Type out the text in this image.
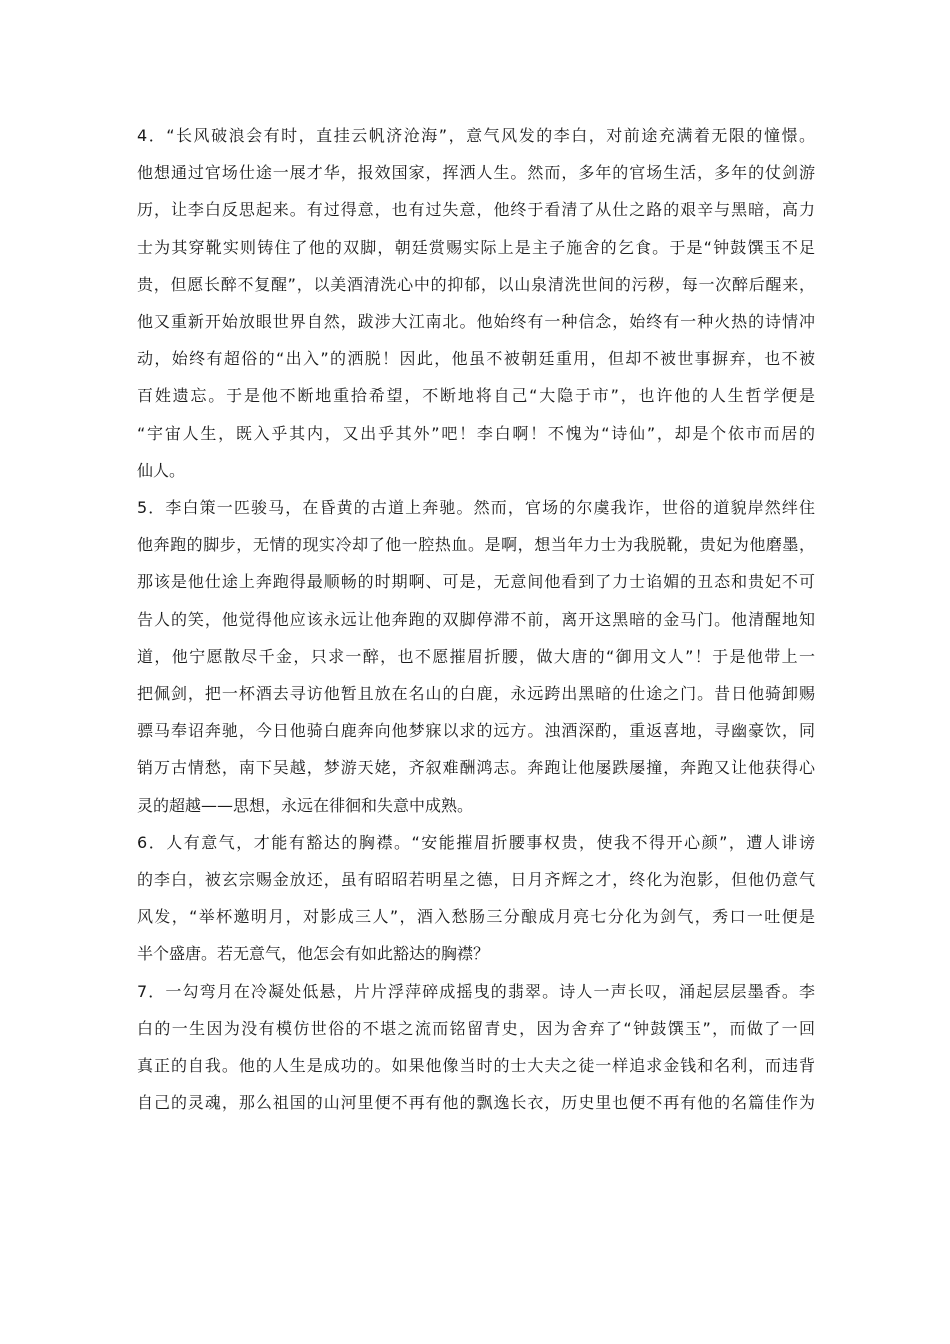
4．“长风破浪会有时，直挂云帆济沧海”，意气风发的李白，对前途充满着无限的憧憬。
他想通过官场仕途一展才华，报效国家，挥洒人生。然而，多年的官场生活，多年的仗剑游
历，让李白反思起来。有过得意，也有过失意，他终于看清了从仕之路的艰辛与黑暗，高力
士为其穿靴实则铸住了他的双脚，朝廷赏赐实际上是主子施舍的乞食。于是“钟鼓馔玉不足
贵，但愿长醉不复醒”，以美酒清洗心中的抑郁，以山泉清洗世间的污秽，每一次醉后醒来，
他又重新开始放眼世界自然，跋涉大江南北。他始终有一种信念，始终有一种火热的诗情冲
动，始终有超俗的“出入”的洒脱！因此，他虽不被朝廷重用，但却不被世事摒弃，也不被
百姓遗忘。于是他不断地重拾希望，不断地将自己“大隐于市”，也许他的人生哲学便是
“宇宙人生，既入乎其内，又出乎其外”吧！李白啊！不愧为“诗仙”，却是个依市而居的
仙人。
5．李白策一匹骏马，在昏黄的古道上奔驰。然而，官场的尔虞我诈，世俗的道貌岸然绊住
他奔跑的脚步，无情的现实冷却了他一腔热血。是啊，想当年力士为我脱靴，贵妃为他磨墨，
那该是他仕途上奔跑得最顺畅的时期啊、可是，无意间他看到了力士谄媚的丑态和贵妃不可
告人的笑，他觉得他应该永远让他奔跑的双脚停滞不前，离开这黑暗的金马门。他清醒地知
道，他宁愿散尽千金，只求一醉，也不愿摧眉折腰，做大唐的“御用文人”！于是他带上一
把佩剑，把一杯酒去寻访他暂且放在名山的白鹿，永远跨出黑暗的仕途之门。昔日他骑卸赐
骠马奉诏奔驰，今日他骑白鹿奔向他梦寐以求的远方。浊酒深酌，重返喜地，寻幽豪饮，同
销万古情愁，南下吴越，梦游天姥，齐叙难酬鸿志。奔跑让他屡跌屡撞，奔跑又让他获得心
灵的超越——思想，永远在徘徊和失意中成熟。
6．人有意气，才能有豁达的胸襟。“安能摧眉折腰事权贵，使我不得开心颜”，遭人诽谤
的李白，被玄宗赐金放还，虽有昭昭若明星之德，日月齐辉之才，终化为泡影，但他仍意气
风发，“举杯邀明月，对影成三人”，酒入愁肠三分酿成月亮七分化为剑气，秀口一吐便是
半个盛唐。若无意气，他怎会有如此豁达的胸襟？
7．一勾弯月在冷凝处低悬，片片浮萍碎成摇曳的翡翠。诗人一声长叹，涌起层层墨香。李
白的一生因为没有模仿世俗的不堪之流而铭留青史，因为舍弃了“钟鼓馔玉”，而做了一回
真正的自我。他的人生是成功的。如果他像当时的士大夫之徒一样追求金钱和名利，而违背
自己的灵魂，那么祖国的山河里便不再有他的飘逸长衣，历史里也便不再有他的名篇佳作为
